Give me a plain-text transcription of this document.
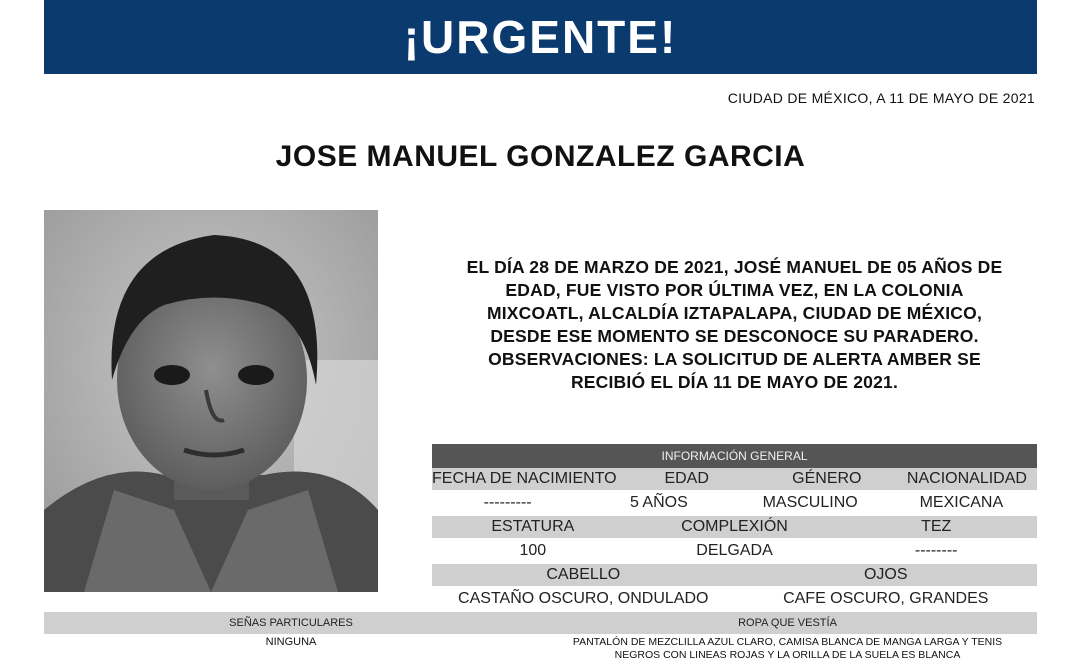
¡URGENTE!
CIUDAD DE MÉXICO, A 11 DE MAYO DE 2021
JOSE MANUEL GONZALEZ GARCIA

EL DÍA 28 DE MARZO DE 2021, JOSÉ MANUEL DE 05 AÑOS DE

EDAD, FUE VISTO POR ÚLTIMA VEZ, EN LA COLONIA

MIXCOATL, ALCALDÍA IZTAPALAPA, CIUDAD DE MÉXICO,

DESDE ESE MOMENTO SE DESCONOCE SU PARADERO.

OBSERVACIONES: LA SOLICITUD DE ALERTA AMBER SE

RECIBIÓ EL DÍA 11 DE MAYO DE 2021.

INFORMACIÓN GENERAL
FECHA DE NACIMIENTO	EDAD	GÉNERO	NACIONALIDAD
---------	5 AÑOS	MASCULINO	MEXICANA
ESTATURA	COMPLEXIÓN	TEZ
100	DELGADA	--------
CABELLO	OJOS
CASTAÑO OSCURO, ONDULADO	CAFE OSCURO, GRANDES
SEÑAS PARTICULARES	ROPA QUE VESTÍA
NINGUNA	PANTALÓN DE MEZCLILLA AZUL CLARO, CAMISA BLANCA DE MANGA LARGA Y TENIS
NEGROS CON LINEAS ROJAS Y LA ORILLA DE LA SUELA ES BLANCA
